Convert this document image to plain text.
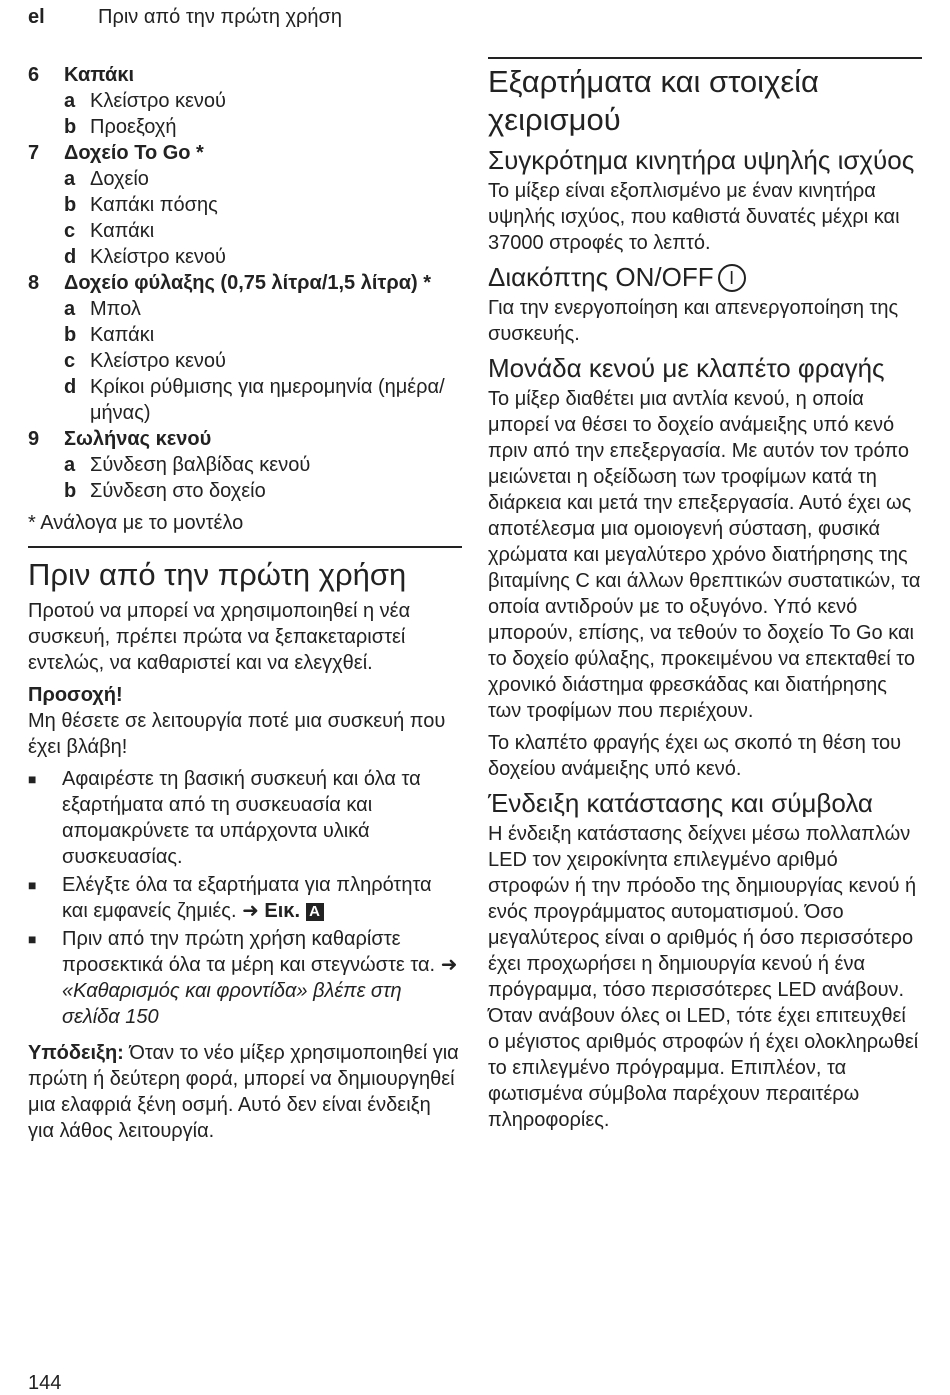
el	Πριν από την πρώτη χρήση
6	Καπάκι
a Κλείστρο κενού
b Προεξοχή
7	Δοχείο To Go *
a Δοχείο
b Καπάκι πόσης
c Καπάκι
d Κλείστρο κενού
8	Δοχείο φύλαξης (0,75 λίτρα/1,5 λίτρα) *
a Μπολ
b Καπάκι
c Κλείστρο κενού
d Κρίκοι ρύθμισης για ημερομηνία (ημέρα/μήνας)
9	Σωλήνας κενού
a Σύνδεση βαλβίδας κενού
b Σύνδεση στο δοχείο
* Ανάλογα με το μοντέλο
Πριν από την πρώτη χρήση

Προτού να μπορεί να χρησιμοποιηθεί η νέα συσκευή, πρέπει πρώτα να ξεπακεταριστεί εντελώς, να καθαριστεί και να ελεγχθεί.

Προσοχή!

Μη θέσετε σε λειτουργία ποτέ μια συσκευή που έχει βλάβη!

■	Αφαιρέστε τη βασική συσκευή και όλα τα εξαρτήματα από τη συσκευασία και απομακρύνετε τα υπάρχοντα υλικά συσκευασίας.
■	Ελέγξτε όλα τα εξαρτήματα για πληρότητα και εμφανείς ζημιές. ➜ Εικ. A
■	Πριν από την πρώτη χρήση καθαρίστε προσεκτικά όλα τα μέρη και στεγνώστε τα. ➜ «Καθαρισμός και φροντίδα» βλέπε στη σελίδα 150

Υπόδειξη: Όταν το νέο μίξερ χρησιμοποιηθεί για πρώτη ή δεύτερη φορά, μπορεί να δημιουργηθεί μια ελαφριά ξένη οσμή. Αυτό δεν είναι ένδειξη για λάθος λειτουργία.

Εξαρτήματα και στοιχεία χειρισμού
Συγκρότημα κινητήρα υψηλής ισχύος

Το μίξερ είναι εξοπλισμένο με έναν κινητήρα υψηλής ισχύος, που καθιστά δυνατές μέχρι και 37000 στροφές το λεπτό.

Διακόπτης ON/OFF I

Για την ενεργοποίηση και απενεργοποίηση της συσκευής.

Μονάδα κενού με κλαπέτο φραγής

Το μίξερ διαθέτει μια αντλία κενού, η οποία μπορεί να θέσει το δοχείο ανάμειξης υπό κενό πριν από την επεξεργασία. Με αυτόν τον τρόπο μειώνεται η οξείδωση των τροφίμων κατά τη διάρκεια και μετά την επεξεργασία. Αυτό έχει ως αποτέλεσμα μια ομοιογενή σύσταση, φυσικά χρώματα και μεγαλύτερο χρόνο διατήρησης της βιταμίνης C και άλλων θρεπτικών συστατικών, τα οποία αντιδρούν με το οξυγόνο. Υπό κενό μπορούν, επίσης, να τεθούν το δοχείο To Go και το δοχείο φύλαξης, προκειμένου να επεκταθεί το χρονικό διάστημα φρεσκάδας και διατήρησης των τροφίμων που περιέχουν.

Το κλαπέτο φραγής έχει ως σκοπό τη θέση του δοχείου ανάμειξης υπό κενό.

Ένδειξη κατάστασης και σύμβολα

Η ένδειξη κατάστασης δείχνει μέσω πολλαπλών LED τον χειροκίνητα επιλεγμένο αριθμό στροφών ή την πρόοδο της δημιουργίας κενού ή ενός προγράμματος αυτοματισμού. Όσο μεγαλύτερος είναι ο αριθμός ή όσο περισσότερο έχει προχωρήσει η δημιουργία κενού ή ένα πρόγραμμα, τόσο περισσότερες LED ανάβουν. Όταν ανάβουν όλες οι LED, τότε έχει επιτευχθεί ο μέγιστος αριθμός στροφών ή έχει ολοκληρωθεί το επιλεγμένο πρόγραμμα. Επιπλέον, τα φωτισμένα σύμβολα παρέχουν περαιτέρω πληροφορίες.

144
